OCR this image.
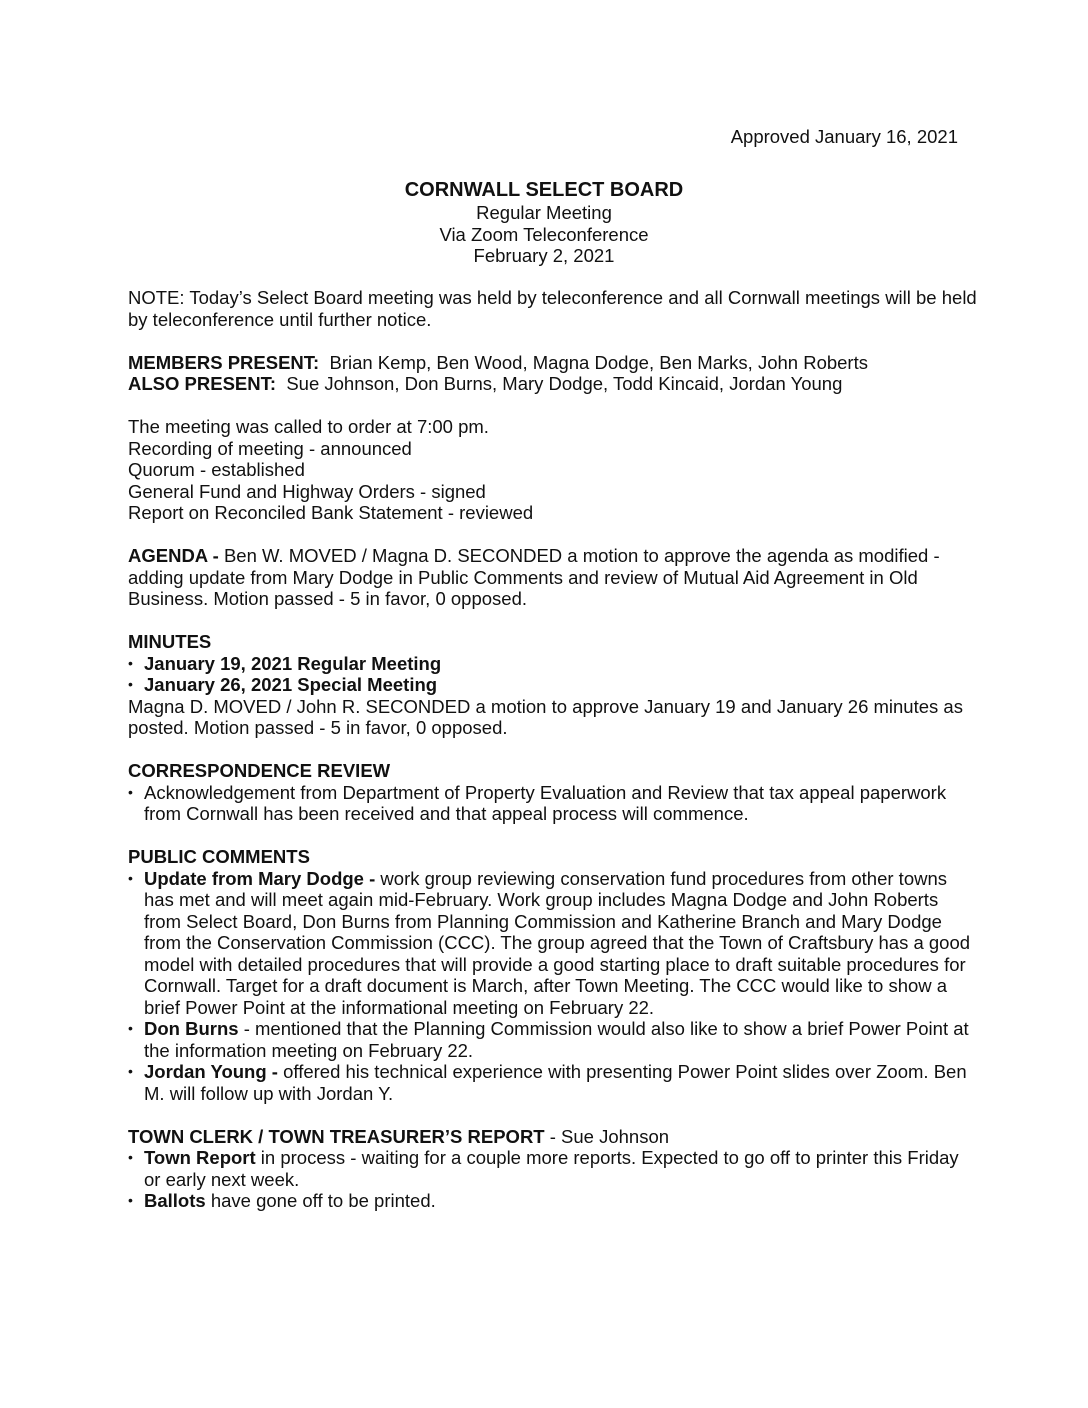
Approved January 16, 2021
CORNWALL SELECT BOARD
Regular Meeting
Via Zoom Teleconference
February 2, 2021

NOTE: Today’s Select Board meeting was held by teleconference and all Cornwall meetings will be held by teleconference until further notice.

MEMBERS PRESENT: Brian Kemp, Ben Wood, Magna Dodge, Ben Marks, John Roberts

ALSO PRESENT: Sue Johnson, Don Burns, Mary Dodge, Todd Kincaid, Jordan Young

The meeting was called to order at 7:00 pm.

Recording of meeting - announced

Quorum - established

General Fund and Highway Orders - signed

Report on Reconciled Bank Statement - reviewed

AGENDA - Ben W. MOVED / Magna D. SECONDED a motion to approve the agenda as modified - adding update from Mary Dodge in Public Comments and review of Mutual Aid Agreement in Old Business. Motion passed - 5 in favor, 0 opposed.

MINUTES

• January 19, 2021 Regular Meeting
• January 26, 2021 Special Meeting

Magna D. MOVED / John R. SECONDED a motion to approve January 19 and January 26 minutes as posted. Motion passed - 5 in favor, 0 opposed.

CORRESPONDENCE REVIEW

• Acknowledgement from Department of Property Evaluation and Review that tax appeal paperwork from Cornwall has been received and that appeal process will commence.

PUBLIC COMMENTS

• Update from Mary Dodge - work group reviewing conservation fund procedures from other towns has met and will meet again mid-February. Work group includes Magna Dodge and John Roberts from Select Board, Don Burns from Planning Commission and Katherine Branch and Mary Dodge from the Conservation Commission (CCC). The group agreed that the Town of Craftsbury has a good model with detailed procedures that will provide a good starting place to draft suitable procedures for Cornwall. Target for a draft document is March, after Town Meeting. The CCC would like to show a brief Power Point at the informational meeting on February 22.
• Don Burns - mentioned that the Planning Commission would also like to show a brief Power Point at the information meeting on February 22.
• Jordan Young - offered his technical experience with presenting Power Point slides over Zoom. Ben M. will follow up with Jordan Y.

TOWN CLERK / TOWN TREASURER’S REPORT - Sue Johnson

• Town Report in process - waiting for a couple more reports. Expected to go off to printer this Friday or early next week.
• Ballots have gone off to be printed.
